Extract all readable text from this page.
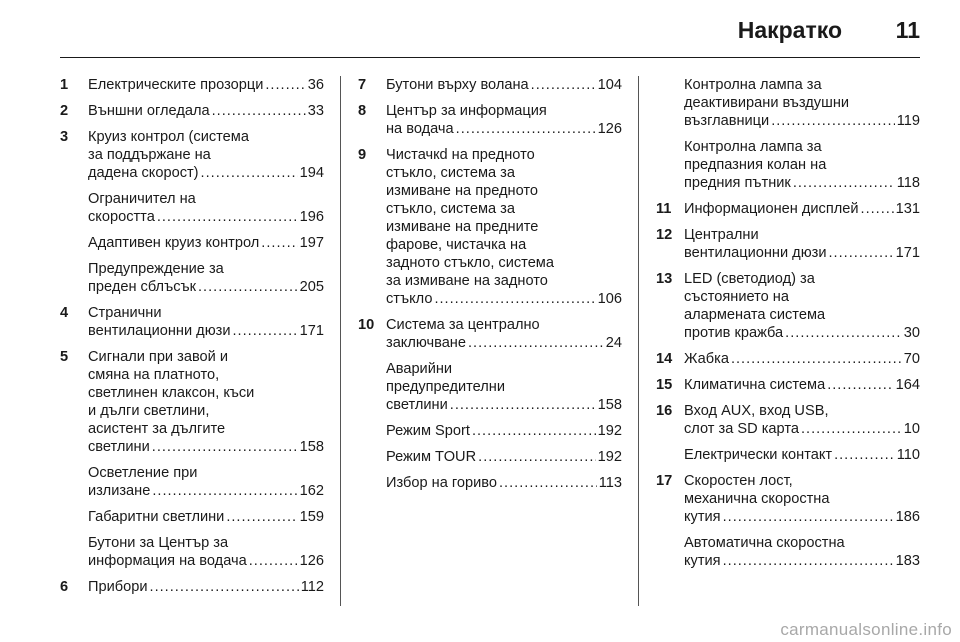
Накратко 11
1 Електрическите прозорци .....	36
2 Външни огледала .....	33
3 Круиз контрол (система
за поддържане на
дадена скорост) .....	194
Ограничител на
скоростта .....	196
Адаптивен круиз контрол .....	197
Предупреждение за
преден сблъсък .....	205
4 Странични
вентилационни дюзи .....	171
5 Сигнали при завой и
смяна на платното,
светлинен клаксон, къси
и дълги светлини,
асистент за дългите
светлини .....	158
Осветление при
излизане .....	162
Габаритни светлини .....	159
Бутони за Център за
информация на водача .....	126
6 Прибори .....	112
7 Бутони върху волана .....	104
8 Център за информация
на водача .....	126
9 Чистачкd на предното
стъкло, система за
измиване на предното
стъкло, система за
измиване на предните
фарове, чистачка на
задното стъкло, система
за измиване на задното
стъкло .....	106
10 Система за централно
заключване .....	24
Аварийни
предупредителни
светлини .....	158
Режим Sport .....	192
Режим TOUR .....	192
Избор на гориво .....	113
Контролна лампа за
деактивирани въздушни
възглавници .....	119
Контролна лампа за
предпазния колан на
предния пътник .....	118
11 Информационен дисплей .....	131
12 Централни
вентилационни дюзи .....	171
13 LED (светодиод) за
състоянието на
алармената система
против кражба .....	30
14 Жабка .....	70
15 Климатична система .....	164
16 Вход AUX, вход USB,
слот за SD карта .....	10
Електрически контакт .....	110
17 Скоростен лост,
механична скоростна
кутия .....	186
Автоматична скоростна
кутия .....	183
carmanualsonline.info
